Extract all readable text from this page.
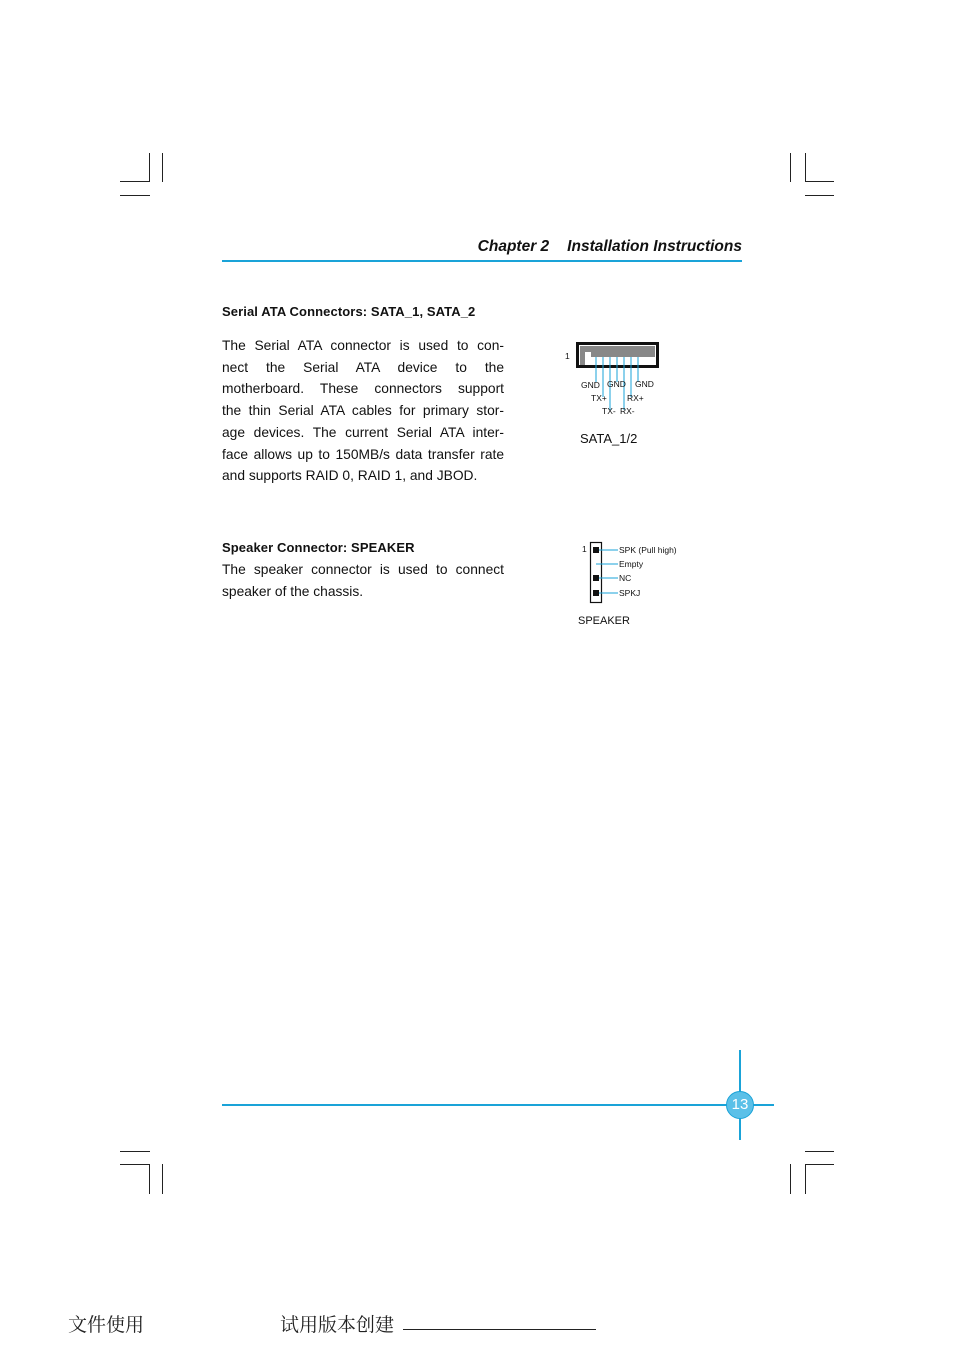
Chapter 2 Installation Instructions
Serial ATA Connectors: SATA_1, SATA_2
The Serial ATA connector is used to con-
nect the Serial ATA device to the
motherboard. These connectors support
the thin Serial ATA cables for primary stor-
age devices. The current Serial ATA inter-
face allows up to 150MB/s data transfer rate
and supports RAID 0, RAID 1, and JBOD.
1
GND GND GND
TX+ RX+
TX- RX-
SATA_1/2
Speaker Connector: SPEAKER
The speaker connector is used to connect
speaker of the chassis.
1	SPK (Pull high)
Empty
NC
SPKJ
SPEAKER
13
文件使用	试用版本创建
